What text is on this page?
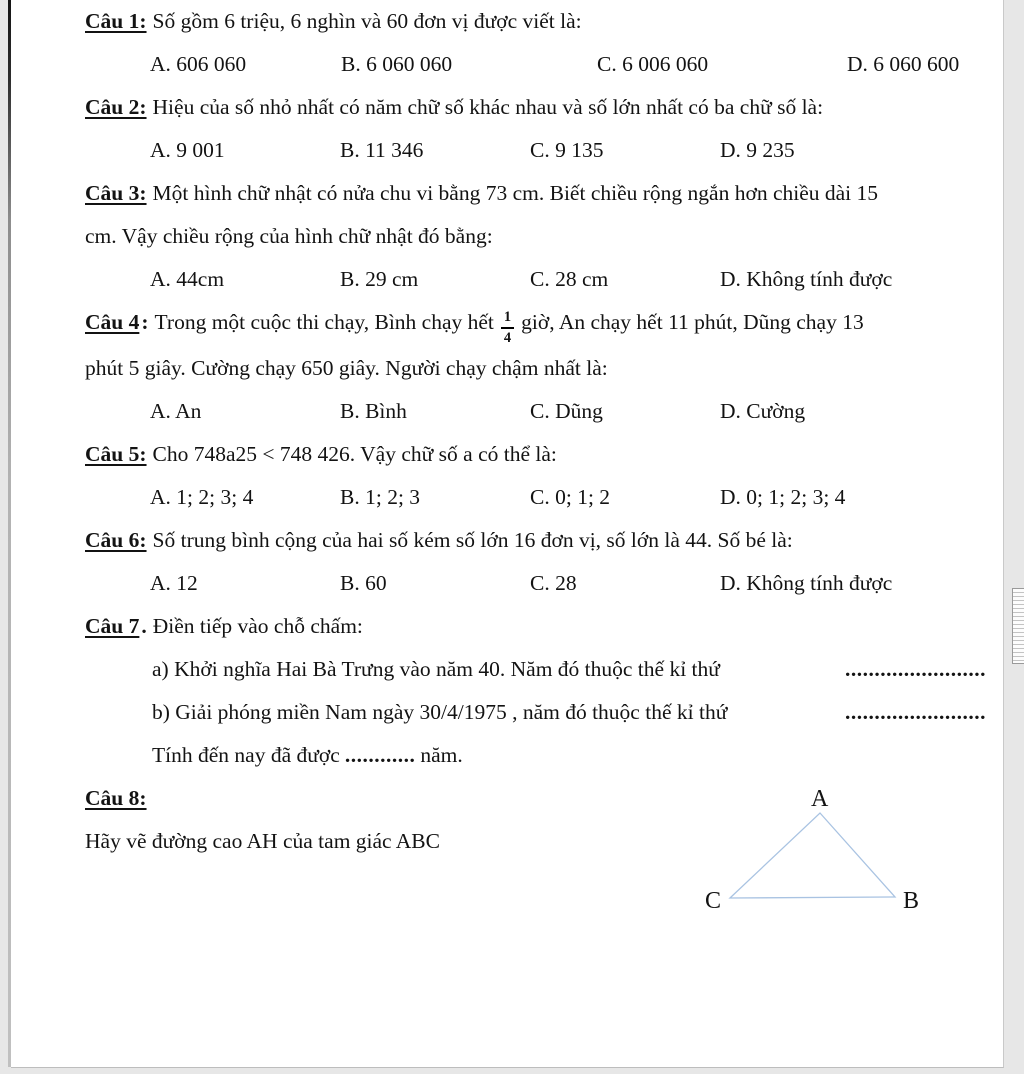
Câu 1: Số gồm 6 triệu, 6 nghìn và 60 đơn vị được viết là:
A. 606 060	B. 6 060 060	C. 6 006 060	D. 6 060 600
Câu 2: Hiệu của số nhỏ nhất có năm chữ số khác nhau và số lớn nhất có ba chữ số là:
A. 9 001	B. 11 346	C. 9 135	D. 9 235
Câu 3: Một hình chữ nhật có nửa chu vi bằng 73 cm. Biết chiều rộng ngắn hơn chiều dài 15
cm. Vậy chiều rộng của hình chữ nhật đó bằng:
A. 44cm	B. 29 cm	C. 28 cm	D. Không tính được
Câu 4: Trong một cuộc thi chạy, Bình chạy hết $\frac{1}{4}$ giờ, An chạy hết 11 phút, Dũng chạy 13
phút 5 giây. Cường chạy 650 giây. Người chạy chậm nhất là:
A. An	B. Bình	C. Dũng	D. Cường
Câu 5: Cho 748a25 < 748 426. Vậy chữ số a có thể là:
A. 1; 2; 3; 4	B. 1; 2; 3	C. 0; 1; 2	D. 0; 1; 2; 3; 4
Câu 6: Số trung bình cộng của hai số kém số lớn 16 đơn vị, số lớn là 44. Số bé là:
A. 12	B. 60	C. 28	D. Không tính được
Câu 7. Điền tiếp vào chỗ chấm:
a) Khởi nghĩa Hai Bà Trưng vào năm 40. Năm đó thuộc thế kỉ thứ	........................
b) Giải phóng miền Nam ngày 30/4/1975 , năm đó thuộc thế kỉ thứ	........................
Tính đến nay đã được ............ năm.
Câu 8:
Hãy vẽ đường cao AH của tam giác ABC
A
B
C
